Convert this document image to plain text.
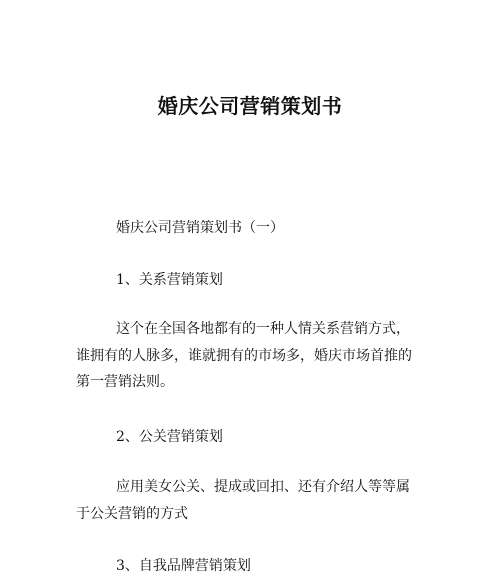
婚庆公司营销策划书
婚庆公司营销策划书（一）
1、关系营销策划
这个在全国各地都有的一种人情关系营销方式，谁拥有的人脉多，谁就拥有的市场多，婚庆市场首推的第一营销法则。
2、公关营销策划
应用美女公关、提成或回扣、还有介绍人等等属于公关营销的方式
3、自我品牌营销策划
